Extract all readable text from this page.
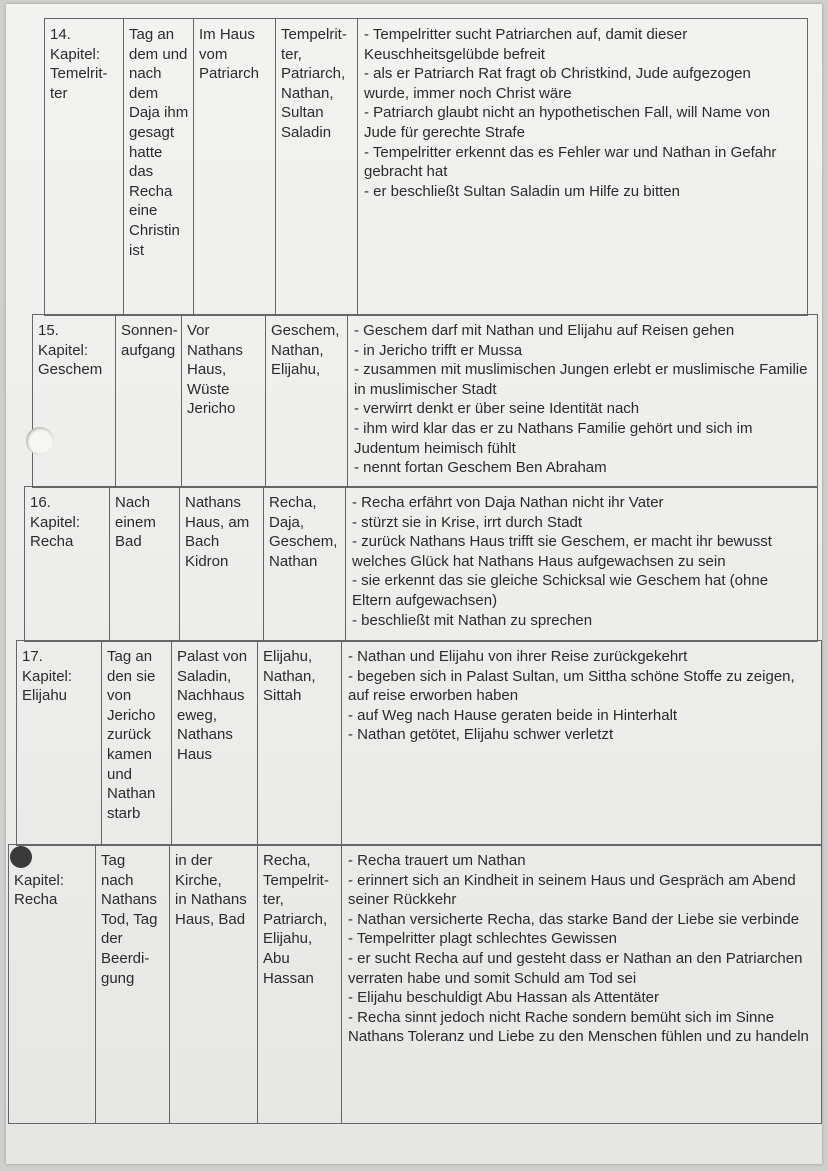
14.
Kapitel:
Temelrit-
ter
Tag an
dem und
nach
dem
Daja ihm
gesagt
hatte
das
Recha
eine
Christin
ist
Im Haus
vom
Patriarch
Tempelrit-
ter,
Patriarch,
Nathan,
Sultan
Saladin
- Tempelritter sucht Patriarchen auf, damit dieser Keuschheitsgelübde befreit
- als er Patriarch Rat fragt ob Christkind, Jude aufgezogen wurde, immer noch Christ wäre
- Patriarch glaubt nicht an hypothetischen Fall, will Name von Jude für gerechte Strafe
- Tempelritter erkennt das es Fehler war und Nathan in Gefahr gebracht hat
- er beschließt Sultan Saladin um Hilfe zu bitten
15.
Kapitel:
Geschem
Sonnen-
aufgang
Vor
Nathans
Haus,
Wüste
Jericho
Geschem,
Nathan,
Elijahu,
- Geschem darf mit Nathan und Elijahu auf Reisen gehen
- in Jericho trifft er Mussa
- zusammen mit muslimischen Jungen erlebt er muslimische Familie in muslimischer Stadt
- verwirrt denkt er über seine Identität nach
- ihm wird klar das er zu Nathans Familie gehört und sich im Judentum heimisch fühlt
- nennt fortan Geschem Ben Abraham
16.
Kapitel:
Recha
Nach
einem
Bad
Nathans
Haus, am
Bach
Kidron
Recha,
Daja,
Geschem,
Nathan
- Recha erfährt von Daja Nathan nicht ihr Vater
- stürzt sie in Krise, irrt durch Stadt
- zurück Nathans Haus trifft sie Geschem, er macht ihr bewusst welches Glück hat Nathans Haus aufgewachsen zu sein
- sie erkennt das sie gleiche Schicksal wie Geschem hat (ohne Eltern aufgewachsen)
- beschließt mit Nathan zu sprechen
17.
Kapitel:
Elijahu
Tag an
den sie
von
Jericho
zurück
kamen
und
Nathan
starb
Palast von
Saladin,
Nachhaus
eweg,
Nathans
Haus
Elijahu,
Nathan,
Sittah
- Nathan und Elijahu von ihrer Reise zurückgekehrt
- begeben sich in Palast Sultan, um Sittha schöne Stoffe zu zeigen, auf reise erworben haben
- auf Weg nach Hause geraten beide in Hinterhalt
- Nathan getötet, Elijahu schwer verletzt

Kapitel:
Recha
Tag
nach
Nathans
Tod, Tag
der
Beerdi-
gung
in der
Kirche,
in Nathans
Haus, Bad
Recha,
Tempelrit-
ter,
Patriarch,
Elijahu,
Abu
Hassan
- Recha trauert um Nathan
- erinnert sich an Kindheit in seinem Haus und Gespräch am Abend seiner Rückkehr
- Nathan versicherte Recha, das starke Band der Liebe sie verbinde
- Tempelritter plagt schlechtes Gewissen
- er sucht Recha auf und gesteht dass er Nathan an den Patriarchen verraten habe und somit Schuld am Tod sei
- Elijahu beschuldigt Abu Hassan als Attentäter
- Recha sinnt jedoch nicht Rache sondern bemüht sich im Sinne Nathans Toleranz und Liebe zu den Menschen fühlen und zu handeln
